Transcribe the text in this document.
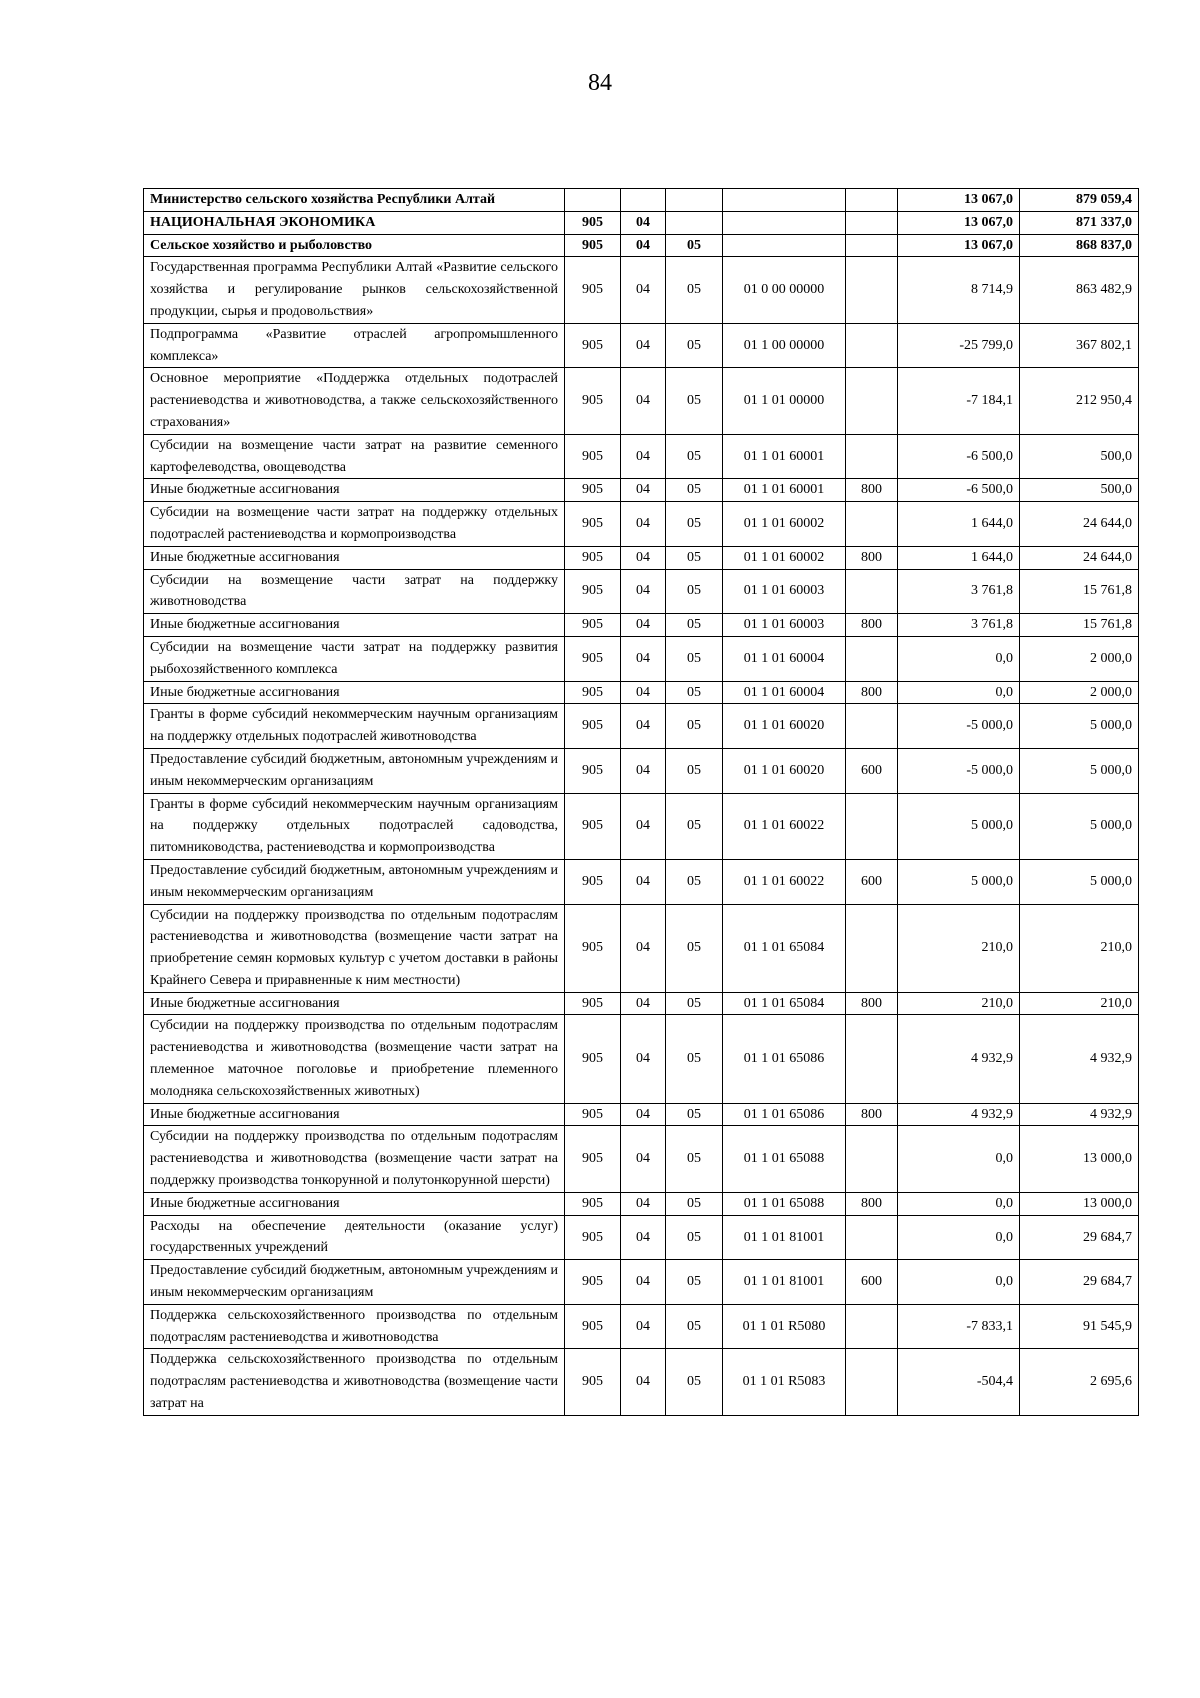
84
Министерство сельского хозяйства Республики Алтай						13 067,0	879 059,4
НАЦИОНАЛЬНАЯ ЭКОНОМИКА	905	04				13 067,0	871 337,0
Сельское хозяйство и рыболовство	905	04	05			13 067,0	868 837,0
Государственная программа Республики Алтай «Развитие сельского хозяйства и регулирование рынков сельскохозяйственной продукции, сырья и продовольствия»	905	04	05	01 0 00 00000		8 714,9	863 482,9
Подпрограмма «Развитие отраслей агропромышленного комплекса»	905	04	05	01 1 00 00000		-25 799,0	367 802,1
Основное мероприятие «Поддержка отдельных подотраслей растениеводства и животноводства, а также сельскохозяйственного страхования»	905	04	05	01 1 01 00000		-7 184,1	212 950,4
Субсидии на возмещение части затрат на развитие семенного картофелеводства, овощеводства	905	04	05	01 1 01 60001		-6 500,0	500,0
Иные бюджетные ассигнования	905	04	05	01 1 01 60001	800	-6 500,0	500,0
Субсидии на возмещение части затрат на поддержку отдельных подотраслей растениеводства и кормопроизводства	905	04	05	01 1 01 60002		1 644,0	24 644,0
Иные бюджетные ассигнования	905	04	05	01 1 01 60002	800	1 644,0	24 644,0
Субсидии на возмещение части затрат на поддержку животноводства	905	04	05	01 1 01 60003		3 761,8	15 761,8
Иные бюджетные ассигнования	905	04	05	01 1 01 60003	800	3 761,8	15 761,8
Субсидии на возмещение части затрат на поддержку развития рыбохозяйственного комплекса	905	04	05	01 1 01 60004		0,0	2 000,0
Иные бюджетные ассигнования	905	04	05	01 1 01 60004	800	0,0	2 000,0
Гранты в форме субсидий некоммерческим научным организациям на поддержку отдельных подотраслей животноводства	905	04	05	01 1 01 60020		-5 000,0	5 000,0
Предоставление субсидий бюджетным, автономным учреждениям и иным некоммерческим организациям	905	04	05	01 1 01 60020	600	-5 000,0	5 000,0
Гранты в форме субсидий некоммерческим научным организациям на поддержку отдельных подотраслей садоводства, питомниководства, растениеводства и кормопроизводства	905	04	05	01 1 01 60022		5 000,0	5 000,0
Предоставление субсидий бюджетным, автономным учреждениям и иным некоммерческим организациям	905	04	05	01 1 01 60022	600	5 000,0	5 000,0
Субсидии на поддержку производства по отдельным подотраслям растениеводства и животноводства (возмещение части затрат на приобретение семян кормовых культур с учетом доставки в районы Крайнего Севера и приравненные к ним местности)	905	04	05	01 1 01 65084		210,0	210,0
Иные бюджетные ассигнования	905	04	05	01 1 01 65084	800	210,0	210,0
Субсидии на поддержку производства по отдельным подотраслям растениеводства и животноводства (возмещение части затрат на племенное маточное поголовье и приобретение племенного молодняка сельскохозяйственных животных)	905	04	05	01 1 01 65086		4 932,9	4 932,9
Иные бюджетные ассигнования	905	04	05	01 1 01 65086	800	4 932,9	4 932,9
Субсидии на поддержку производства по отдельным подотраслям растениеводства и животноводства (возмещение части затрат на поддержку производства тонкорунной и полутонкорунной шерсти)	905	04	05	01 1 01 65088		0,0	13 000,0
Иные бюджетные ассигнования	905	04	05	01 1 01 65088	800	0,0	13 000,0
Расходы на обеспечение деятельности (оказание услуг) государственных учреждений	905	04	05	01 1 01 81001		0,0	29 684,7
Предоставление субсидий бюджетным, автономным учреждениям и иным некоммерческим организациям	905	04	05	01 1 01 81001	600	0,0	29 684,7
Поддержка сельскохозяйственного производства по отдельным подотраслям растениеводства и животноводства	905	04	05	01 1 01 R5080		-7 833,1	91 545,9
Поддержка сельскохозяйственного производства по отдельным подотраслям растениеводства и животноводства (возмещение части затрат на	905	04	05	01 1 01 R5083		-504,4	2 695,6
